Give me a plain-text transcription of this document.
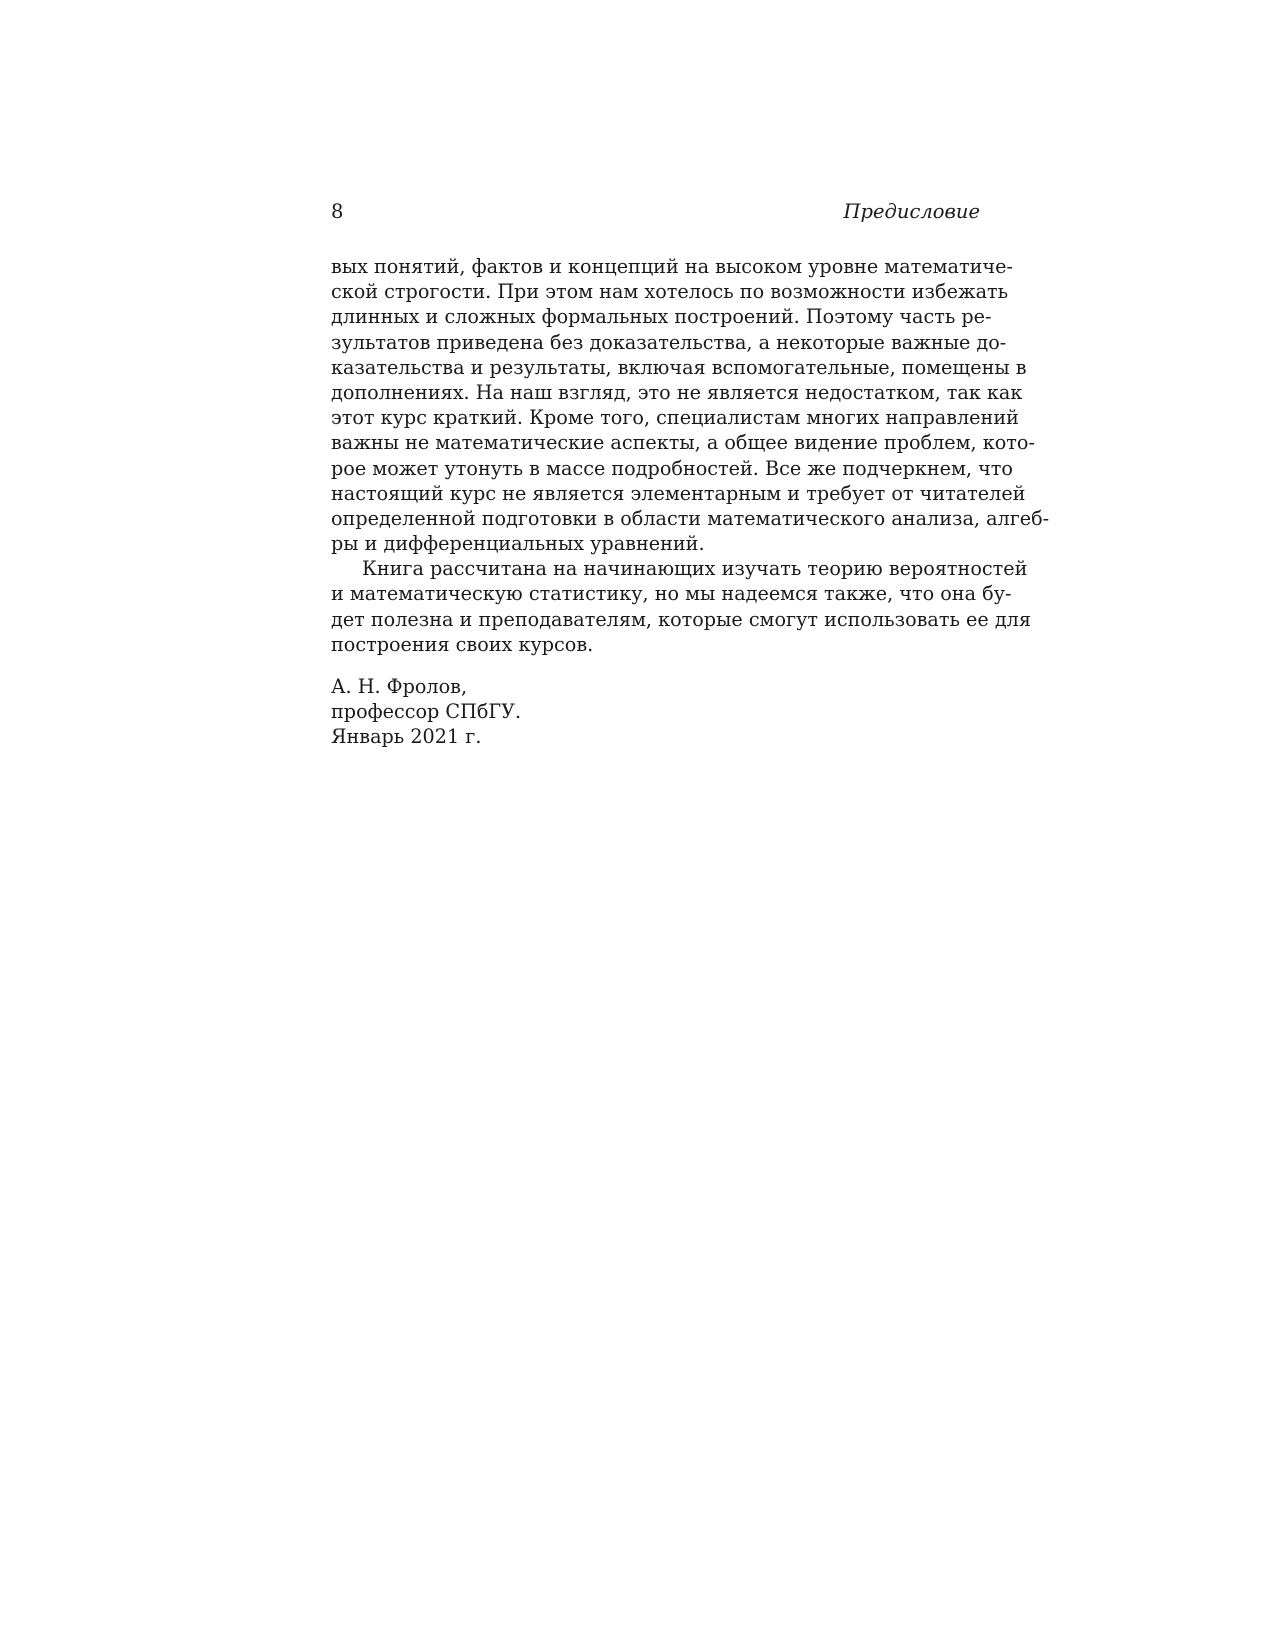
8	Предисловие
вых понятий, фактов и концепций на высоком уровне математиче-
ской строгости. При этом нам хотелось по возможности избежать
длинных и сложных формальных построений. Поэтому часть ре-
зультатов приведена без доказательства, а некоторые важные до-
казательства и результаты, включая вспомогательные, помещены в
дополнениях. На наш взгляд, это не является недостатком, так как
этот курс краткий. Кроме того, специалистам многих направлений
важны не математические аспекты, а общее видение проблем, кото-
рое может утонуть в массе подробностей. Все же подчеркнем, что
настоящий курс не является элементарным и требует от читателей
определенной подготовки в области математического анализа, алгеб-
ры и дифференциальных уравнений.
Книга рассчитана на начинающих изучать теорию вероятностей
и математическую статистику, но мы надеемся также, что она бу-
дет полезна и преподавателям, которые смогут использовать ее для
построения своих курсов.
А. Н. Фролов,
профессор СПбГУ.
Январь 2021 г.
